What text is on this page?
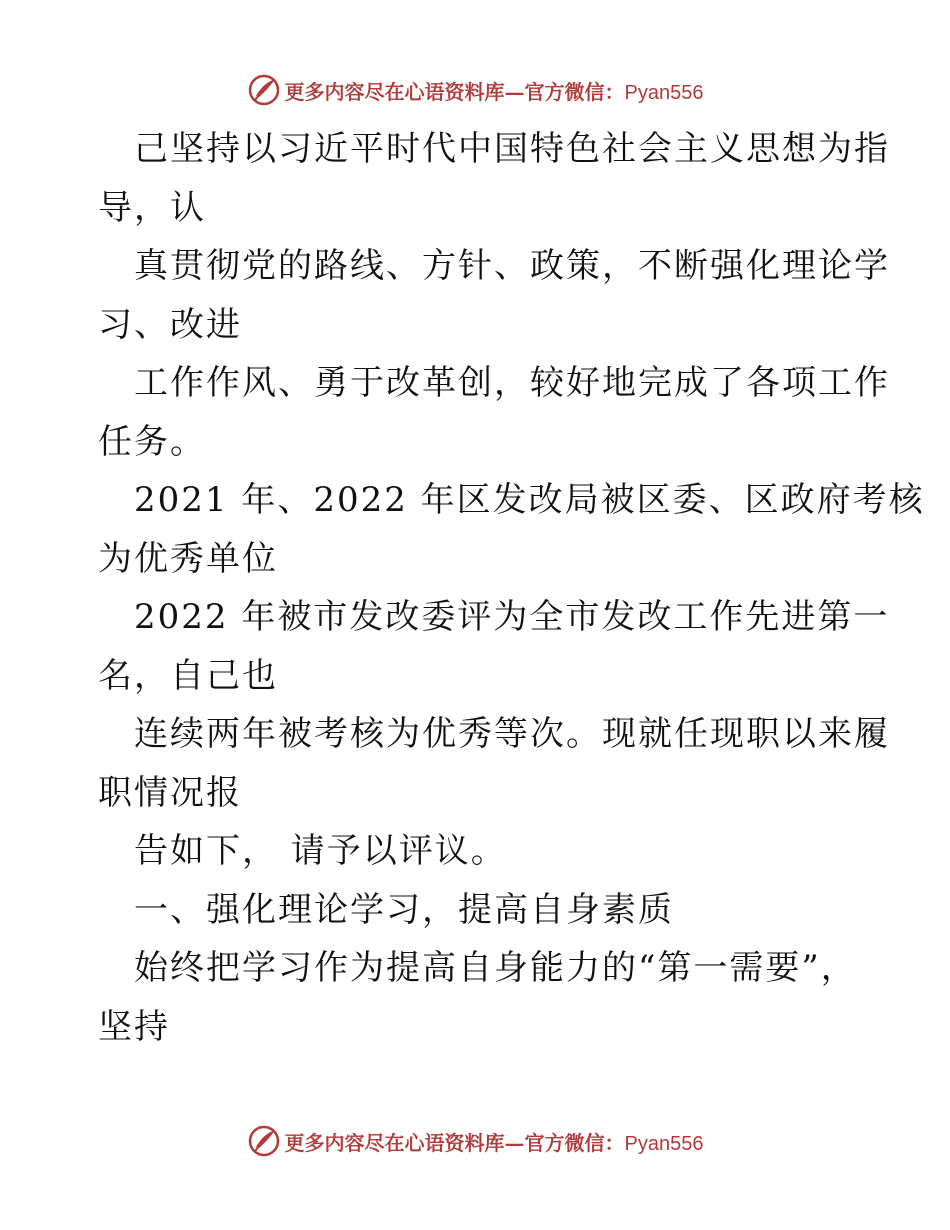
更多内容尽在心语资料库—官方微信：Pyan556
己坚持以习近平时代中国特色社会主义思想为指
导，认
真贯彻党的路线、方针、政策，不断强化理论学
习、改进
工作作风、勇于改革创，较好地完成了各项工作
任务。
2021 年、2022 年区发改局被区委、区政府考核
为优秀单位
2022 年被市发改委评为全市发改工作先进第一
名，自己也
连续两年被考核为优秀等次。现就任现职以来履
职情况报
告如下， 请予以评议。
一、强化理论学习，提高自身素质
始终把学习作为提高自身能力的“第一需要”，
坚持
更多内容尽在心语资料库—官方微信：Pyan556
